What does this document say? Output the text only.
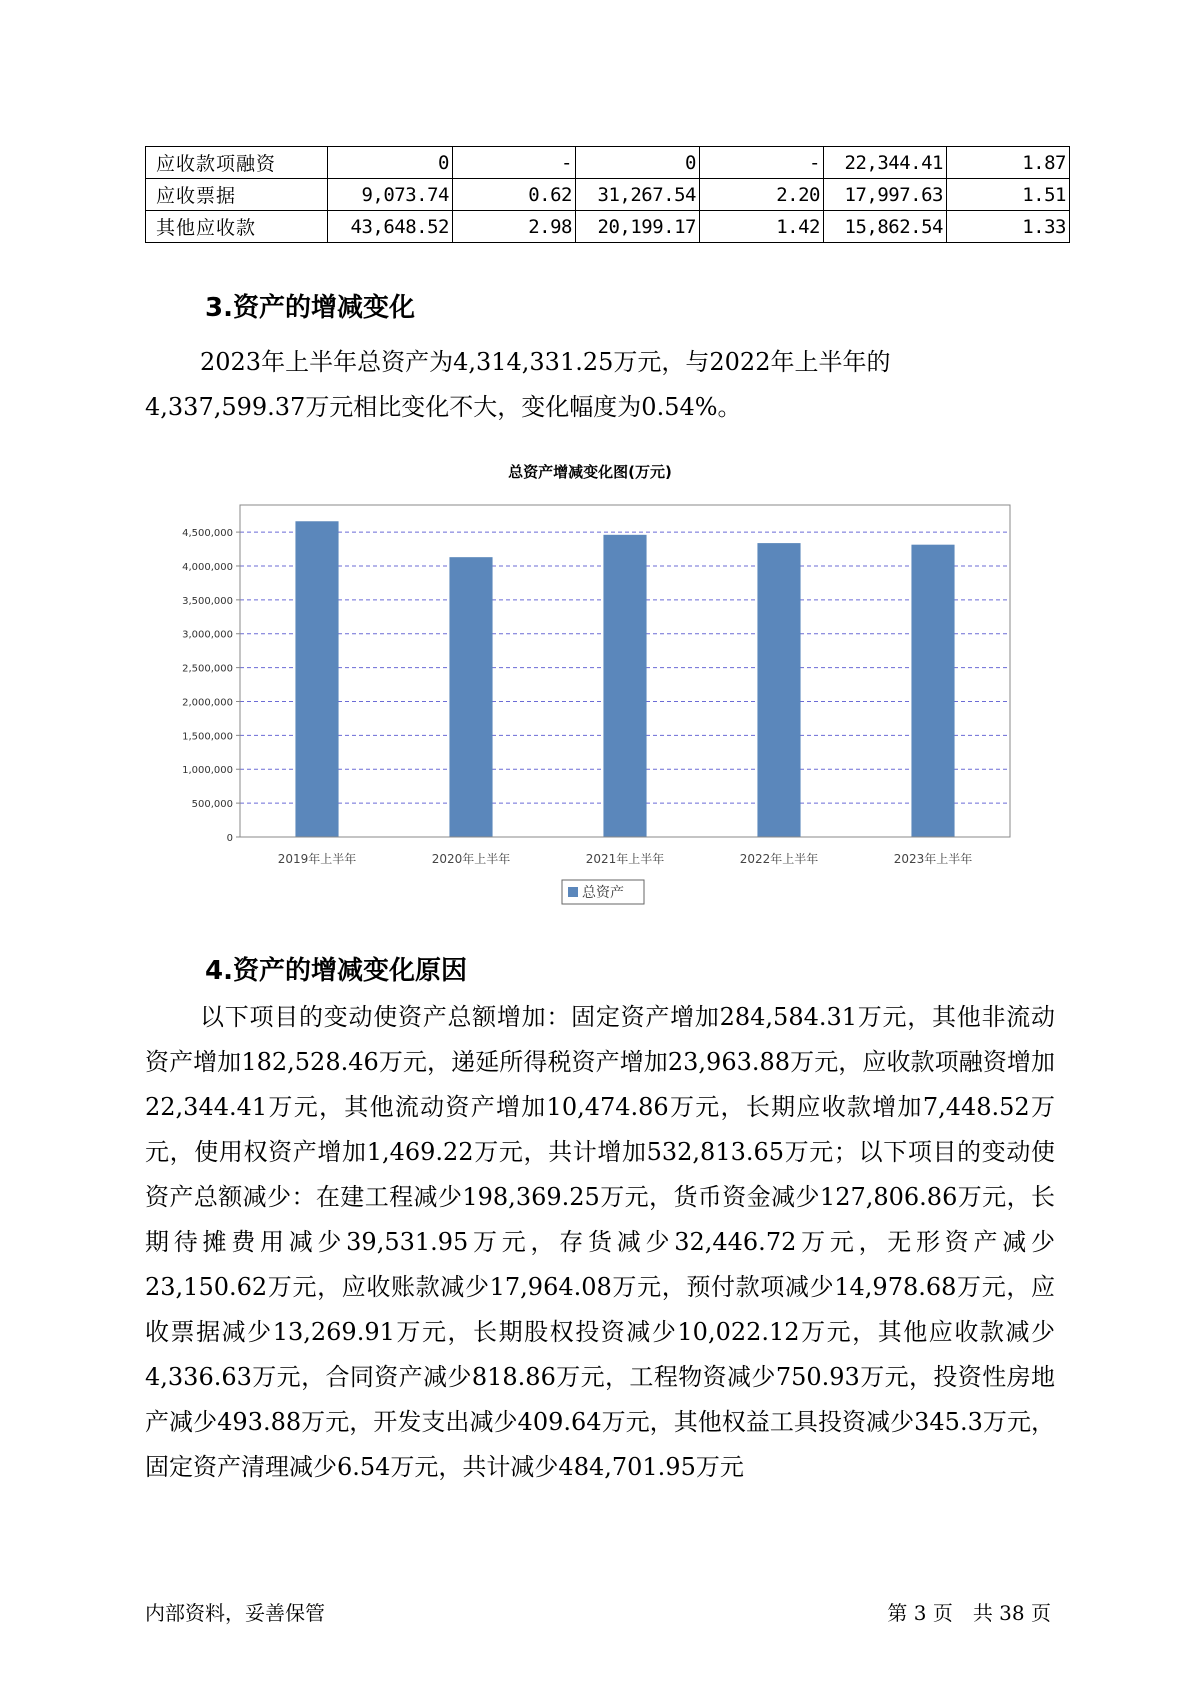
应收款项融资	0	-	0	-	22,344.41	1.87
应收票据	9,073.74	0.62	31,267.54	2.20	17,997.63	1.51
其他应收款	43,648.52	2.98	20,199.17	1.42	15,862.54	1.33
3.资产的增减变化

2023年上半年总资产为4,314,331.25万元，与2022年上半年的4,337,599.37万元相比变化不大，变化幅度为0.54%。

总资产增减变化图(万元)
0
500,000
1,000,000
1,500,000
2,000,000
2,500,000
3,000,000
3,500,000
4,000,000
4,500,000
2019年上半年	2020年上半年	2021年上半年	2022年上半年	2023年上半年
总资产
4.资产的增减变化原因

以下项目的变动使资产总额增加：固定资产增加284,584.31万元，其他非流动资产增加182,528.46万元，递延所得税资产增加23,963.88万元，应收款项融资增加22,344.41万元，其他流动资产增加10,474.86万元，长期应收款增加7,448.52万元，使用权资产增加1,469.22万元，共计增加532,813.65万元；以下项目的变动使资产总额减少：在建工程减少198,369.25万元，货币资金减少127,806.86万元，长期待摊费用减少39,531.95万元，存货减少32,446.72万元，无形资产减少23,150.62万元，应收账款减少17,964.08万元，预付款项减少14,978.68万元，应收票据减少13,269.91万元，长期股权投资减少10,022.12万元，其他应收款减少4,336.63万元，合同资产减少818.86万元，工程物资减少750.93万元，投资性房地产减少493.88万元，开发支出减少409.64万元，其他权益工具投资减少345.3万元，固定资产清理减少6.54万元，共计减少484,701.95万元

内部资料，妥善保管	第 3 页　共 38 页
